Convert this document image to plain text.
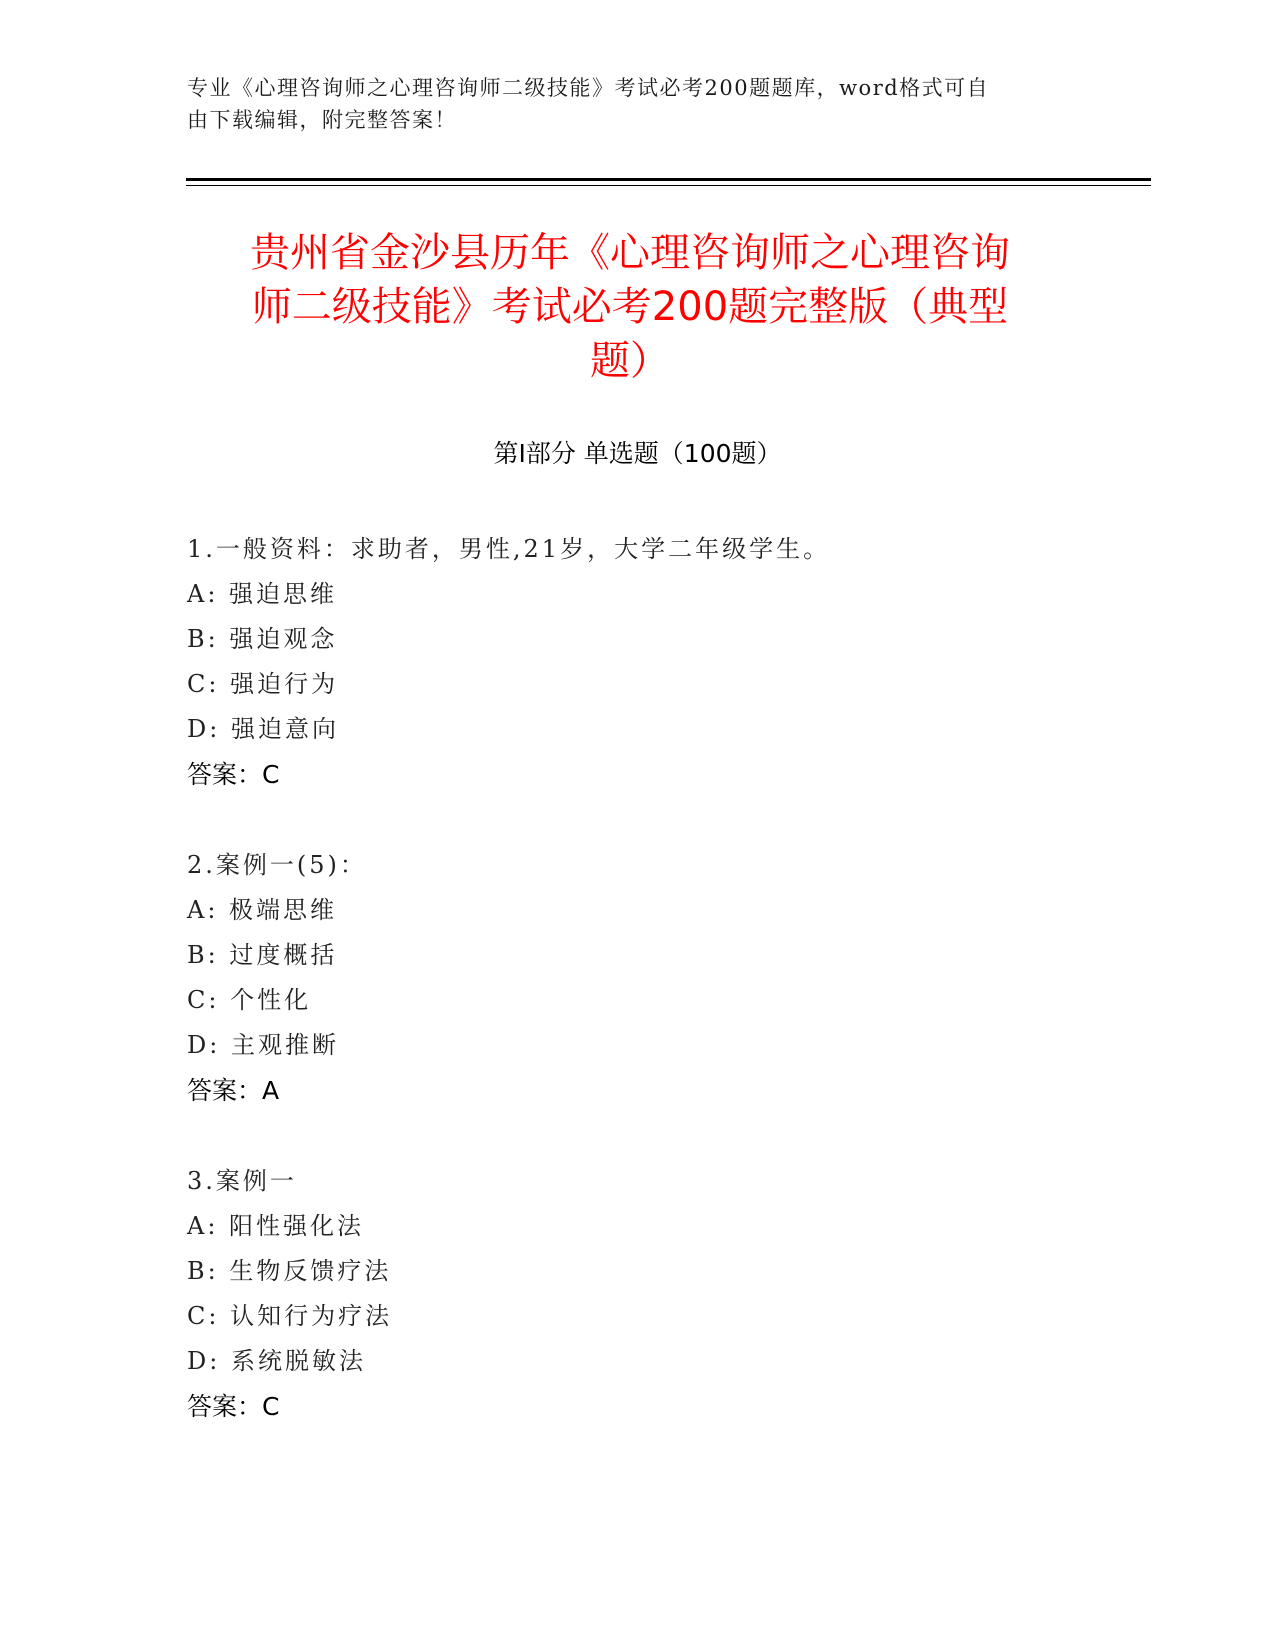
专业《心理咨询师之心理咨询师二级技能》考试必考200题题库，word格式可自
由下载编辑，附完整答案！
贵州省金沙县历年《心理咨询师之心理咨询
师二级技能》考试必考200题完整版（典型
题）
第Ⅰ部分 单选题（100题）
1.一般资料：求助者，男性,21岁，大学二年级学生。
A: 强迫思维
B: 强迫观念
C: 强迫行为
D: 强迫意向
答案：C
2.案例一(5)：
A: 极端思维
B: 过度概括
C: 个性化
D: 主观推断
答案：A
3.案例一
A: 阳性强化法
B: 生物反馈疗法
C: 认知行为疗法
D: 系统脱敏法
答案：C
